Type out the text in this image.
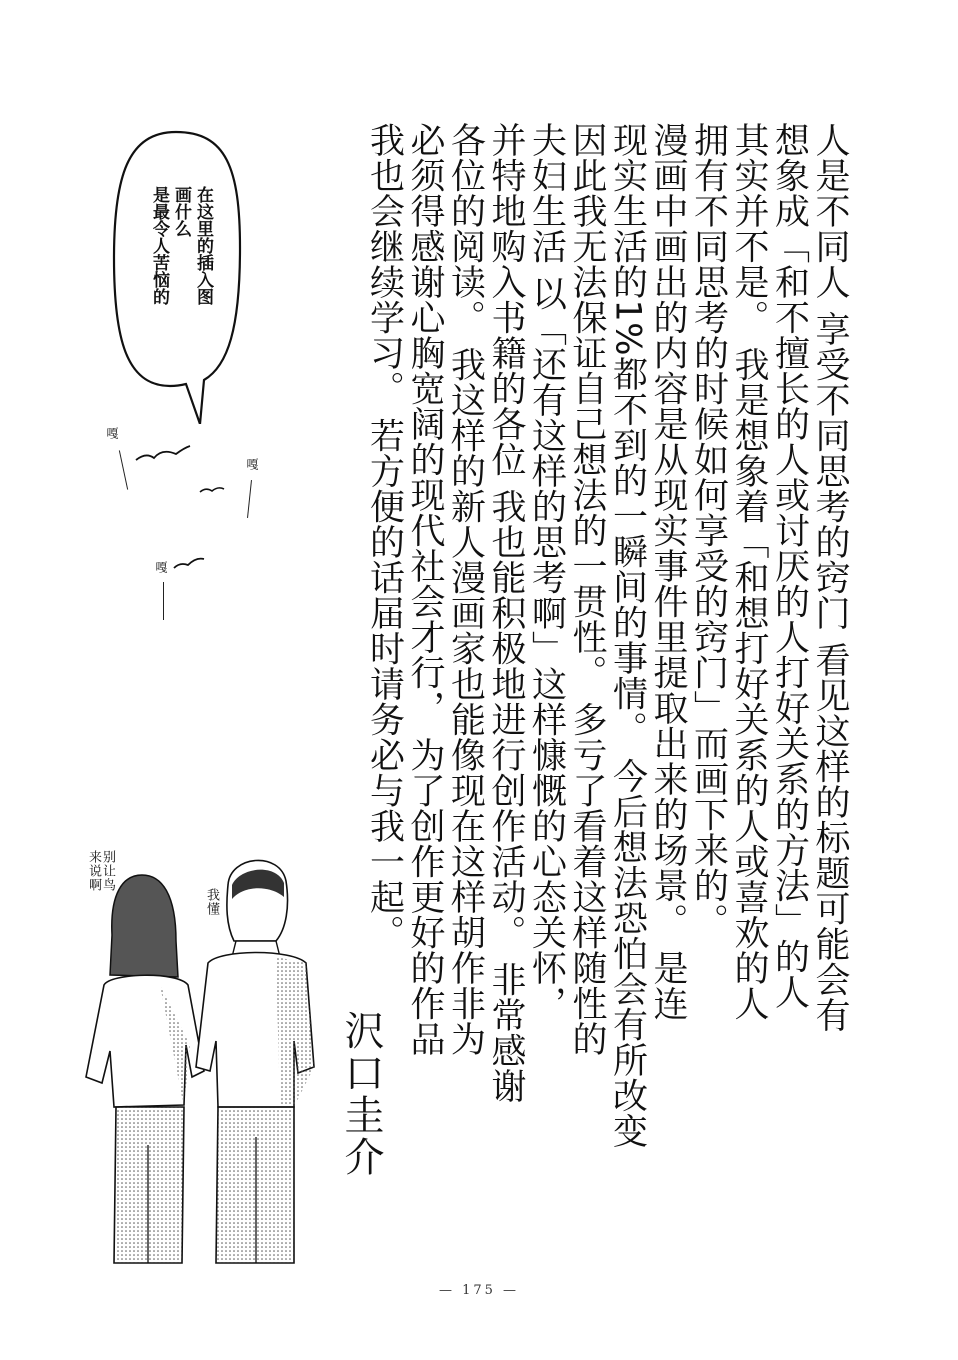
在这里的插入图
画什么
是最令人苦恼的
嘎
嘎
嘎
别让鸟
来说啊
我懂	人是不同人 享受不同思考的窍门 看见这样的标题可能会有
想象成「和不擅长的人或讨厌的人打好关系的方法」的人
其实并不是。 我是想象着「和想打好关系的人或喜欢的人
拥有不同思考的时候如何享受的窍门」而画下来的。
漫画中画出的内容是从现实事件里提取出来的场景。 是连
现实生活的1%都不到的一瞬间的事情。 今后想法恐怕会有所改变
因此我无法保证自己想法的一贯性。 多亏了看着这样随性的
夫妇生活 以「还有这样的思考啊」这样慷慨的心态关怀，
并特地购入书籍的各位 我也能积极地进行创作活动。 非常感谢
各位的阅读。 我这样的新人漫画家也能像现在这样胡作非为
必须得感谢心胸宽阔的现代社会才行， 为了创作更好的作品
我也会继续学习。 若方便的话届时请务必与我一起。
沢口圭介
— 175 —
